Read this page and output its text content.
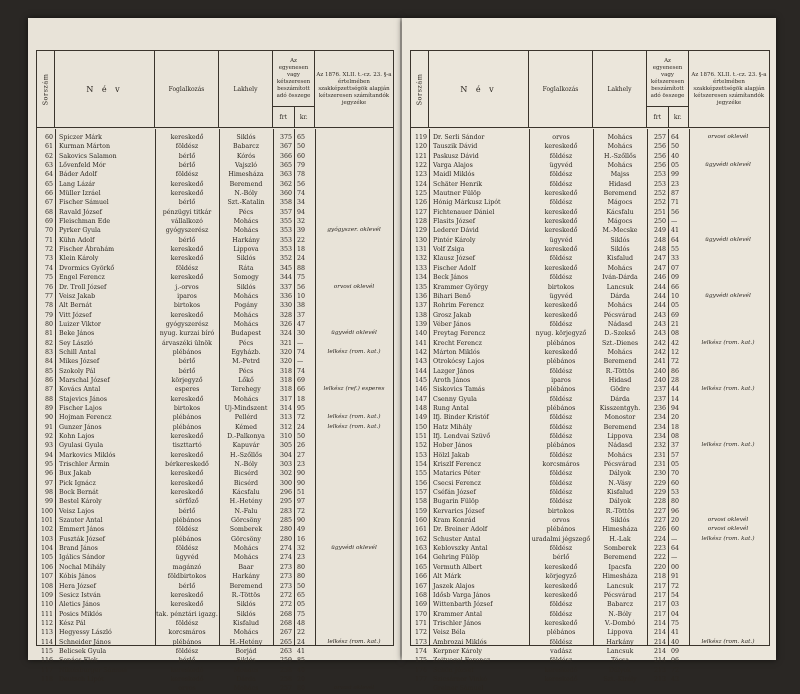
Sorszám	N é v	Foglalkozás	Lakhely
Az egyenesen vagy kétszeresen beszámított adó összege
frt	kr.
Az 1876. XLII. t.-cz. 23. §-a értelmében szakképzettségök alapján kétszeresen számítandók jegyzéke
60 Spiczer Márk	kereskedő	Siklós	375 65
61 Kurman Márton	földész	Babarcz	367 50
62 Sakovics Salamon	bérlő	Kórós	366 60
63 Lővenfeld Mór	bérlő	Vajszló	365 79
64 Báder Adolf	földész	Himesháza	363 78
65 Lang Lázár	kereskedő	Beremend	362 56
66 Müller Izráel	kereskedő	N.-Bóly	360 74
67 Fischer Sámuel	bérlő	Szt.-Katalin	358 34
68 Ravald József	pénzügyi titkár	Pécs	357 94
69 Fleischman Ede	vállalkozó	Mohács	355 32
70 Pyrker Gyula	gyógyszerész	Mohács	353 39	gyógyszer. oklevél
71 Kühn Adolf	bérlő	Harkány	353 22
72 Fischer Ábrahám	kereskedő	Lippova	353 18
73 Klein Károly	kereskedő	Siklós	352 24
74 Dvormics Györkő	földész	Ráta	345 88
75 Engel Ferencz	kereskedő	Somogy	344 75
76 Dr. Troll József	j.-orvos	Siklós	337 56	orvosi oklevél
77 Veisz Jakab	iparos	Mohács	336 10
78 Alt Bernát	birtokos	Pogány	330 38
79 Vitt József	kereskedő	Mohács	328 37
80 Luizer Viktor	gyógyszerész	Mohács	326 47
81 Beke János	nyug. kurzai bíró	Budapest	324 30	ügyvédi oklevél
82 Sey László	árvaszéki ülnök	Pécs	321 —
83 Schill Antal	plébános	Egyházb.	320 74	lelkész (rom. kat.)
84 Mikes József	bérlő	M.-Petrd	320 —
85 Szokoly Pál	bérlő	Pécs	318 74
86 Marschal József	körjegyző	Lőkő	318 69
87 Kovács Antal	esperes	Terehegy	318 66	lelkész (ref.) esperes
88 Stajevics János	kereskedő	Mohács	317 18
89 Fischer Lajos	birtokos	Uj-Mindszent	314 95
90 Hojman Ferencz	plébános	Pellérd	313 72	lelkész (rom. kat.)
91 Gunzer János	plébános	Kémed	312 24	lelkész (rom. kat.)
92 Kohn Lajos	kereskedő	D.-Palkonya	310 50
93 Gyulasi Gyula	tiszttartó	Kapuvár	305 26
94 Markovics Miklós	kereskedő	H.-Szőllős	304 27
95 Trischler Ármin	bérkereskedő	N.-Bóly	303 23
96 Bux Jakab	kereskedő	Bicsérd	302 90
97 Pick Ignácz	kereskedő	Bicsérd	300 90
98 Bock Bernát	kereskedő	Kácsfalu	296 51
99 Bestel Károly	sörfőző	H.-Hetény	295 97
100 Veisz Lajos	bérlő	N.-Falu	283 72
101 Szauter Antal	plébános	Görcsöny	285 90
102 Emmert János	földész	Somberek	280 49
103 Fuszták József	plébános	Görcsöny	280 16
104 Brand János	földész	Mohács	274 32	ügyvédi oklevél
105 Igálics Sándor	ügyvéd	Mohács	274 23
106 Nochal Mihály	magánzó	Baar	273 80
107 Kóbis János	földbirtokos	Harkány	273 80
108 Hera József	bérlő	Beremend	273 50
109 Sesicz István	kereskedő	R.-Töttös	272 65
110 Aletics János	kereskedő	Siklós	272 05
111 Posics Miklós	tak. pénztári igazg.	Siklós	268 75
112 Kész Pál	földész	Kisfalud	268 48
113 Hegyessy László	korcsmáros	Mohács	267 22
114 Schneider János	plébános	H.-Hetény	265 24	lelkész (rom. kat.)
115 Belicsek Gyula	földész	Borjád	263 41
116 Sepács Elek	bérlő	Siklós	259 85
117 Nikolsburger Sámuel	kereskedő	Mohács	258 40
118 Deutsch Lipót	kereskedő	Dárda	258 20
orvos	Mohács	257 80	orvosi oklevél
Sorszám	N é v	Foglalkozás	Lakhely
Az egyenesen vagy kétszeresen beszámított adó összege
frt	kr.
Az 1876. XLII. t.-cz. 23. §-a értelmében szakképzettségök alapján kétszeresen számítandók jegyzéke
119 Dr. Serli Sándor	orvos	Mohács	257 64	orvosi oklevél
120 Tauszik Dávid	kereskedő	Mohács	256 50
121 Paskusz Dávid	földész	H.-Szőllős	256 40
122 Varga Alajos	ügyvéd	Mohács	256 05	ügyvédi oklevél
123 Maidl Miklós	földész	Majss	253 99
124 Schäter Henrik	földész	Hidasd	253 23
125 Mautner Fülöp	kereskedő	Beremend	252 87
126 Hónig Márkusz Lipót	földész	Mágocs	252 71
127 Fichtenauer Dániel	kereskedő	Kácsfalu	251 56
128 Flasits József	kereskedő	Mágocs	250 —
129 Lederer Dávid	kereskedő	M.-Mecske	249 41
130 Pintér Károly	ügyvéd	Siklós	248 64	ügyvédi oklevél
131 Volf Zsiga	kereskedő	Siklós	248 55
132 Klausz József	földész	Kisfalud	247 33
133 Fischer Adolf	kereskedő	Mohács	247 07
134 Beck János	földész	Iván-Dárda	246 09
135 Krammer György	birtokos	Lancsuk	244 66
136 Bihari Benő	ügyvéd	Dárda	244 10	ügyvédi oklevél
137 Rohrim Ferencz	kereskedő	Mohács	244 05
138 Grosz Jakab	kereskedő	Pécsvárad	243 69
139 Véber János	földész	Nádasd	243 21
140 Freytag Ferencz	nyug. körjegyző	D.-Szekső	243 08
141 Krecht Ferencz	plébános	Szt.-Dienes	242 42	lelkész (rom. kat.)
142 Márton Miklós	kereskedő	Mohács	242 12
143 Otrokócsy Lajos	plébános	Beremend	241 72
144 Lazger János	földész	R.-Töttös	240 86
145 Aroth János	iparos	Hidasd	240 28
146 Siskovics Tamás	plébános	Gödre	237 44	lelkész (rom. kat.)
147 Csenny Gyula	földész	Dárda	237 14
148 Rung Antal	plébános	Kisszentgyh.	236 94
149 Ifj. Binder Kristóf	földész	Monostor	234 20
150 Hatz Mihály	földész	Beremend	234 18
151 Ifj. Lendvai Szüvő	földész	Lippova	234 08
152 Hober János	plébános	Nádasd	232 37	lelkész (rom. kat.)
153 Hölzl Jakab	földész	Mohács	231 57
154 Kriszlf Ferencz	korcsmáros	Pécsvárad	231 05
155 Matarics Péter	földész	Dályok	230 70
156 Csecsi Ferencz	földész	N.-Vásy	229 60
157 Cséfán József	földész	Kisfalud	229 53
158 Bugarin Fülöp	földész	Dályok	228 80
159 Kervarics József	birtokos	R.-Töttös	227 96
160 Kram Konrád	orvos	Siklós	227 20	orvosi oklevél
161 Dr. Breiner Adolf	plébános	Himesháza	226 60	orvosi oklevél
162 Schuster Antal	uradalmi jégszegő	H.-Lak	224 —	lelkész (rom. kat.)
163 Keblovszky Antal	földész	Somberek	223 64
164 Gehring Fülöp	bérlő	Beremend	222 —
165 Vermuth Albert	kereskedő	Ipacsfa	220 00
166 Alt Márk	körjegyző	Himesháza	218 91
167 Jaszek Alajos	kereskedő	Lancsuk	217 72
168 Idősb Varga János	kereskedő	Pécsvárad	217 54
169 Wittenbarth József	földész	Babarcz	217 03
170 Krammer Antal	földész	N.-Bóly	217 04
171 Trischler János	kereskedő	V.-Dombó	214 75
172 Veisz Béla	plébános	Lippova	214 41
173 Ambrozai Miklós	földész	Harkány	214 40	lelkész (rom. kat.)
174 Kerpner Károly	vadász	Lancsuk	214 09
175 Zeitvogel Ferencz	földész	Tócsa	214 06
176 Schön József	kereskedő	Dályok	213 72
177 Szicsárnor Vinkó	kereskedő	Szt.-Király	213 43
Greiner Sámuel
